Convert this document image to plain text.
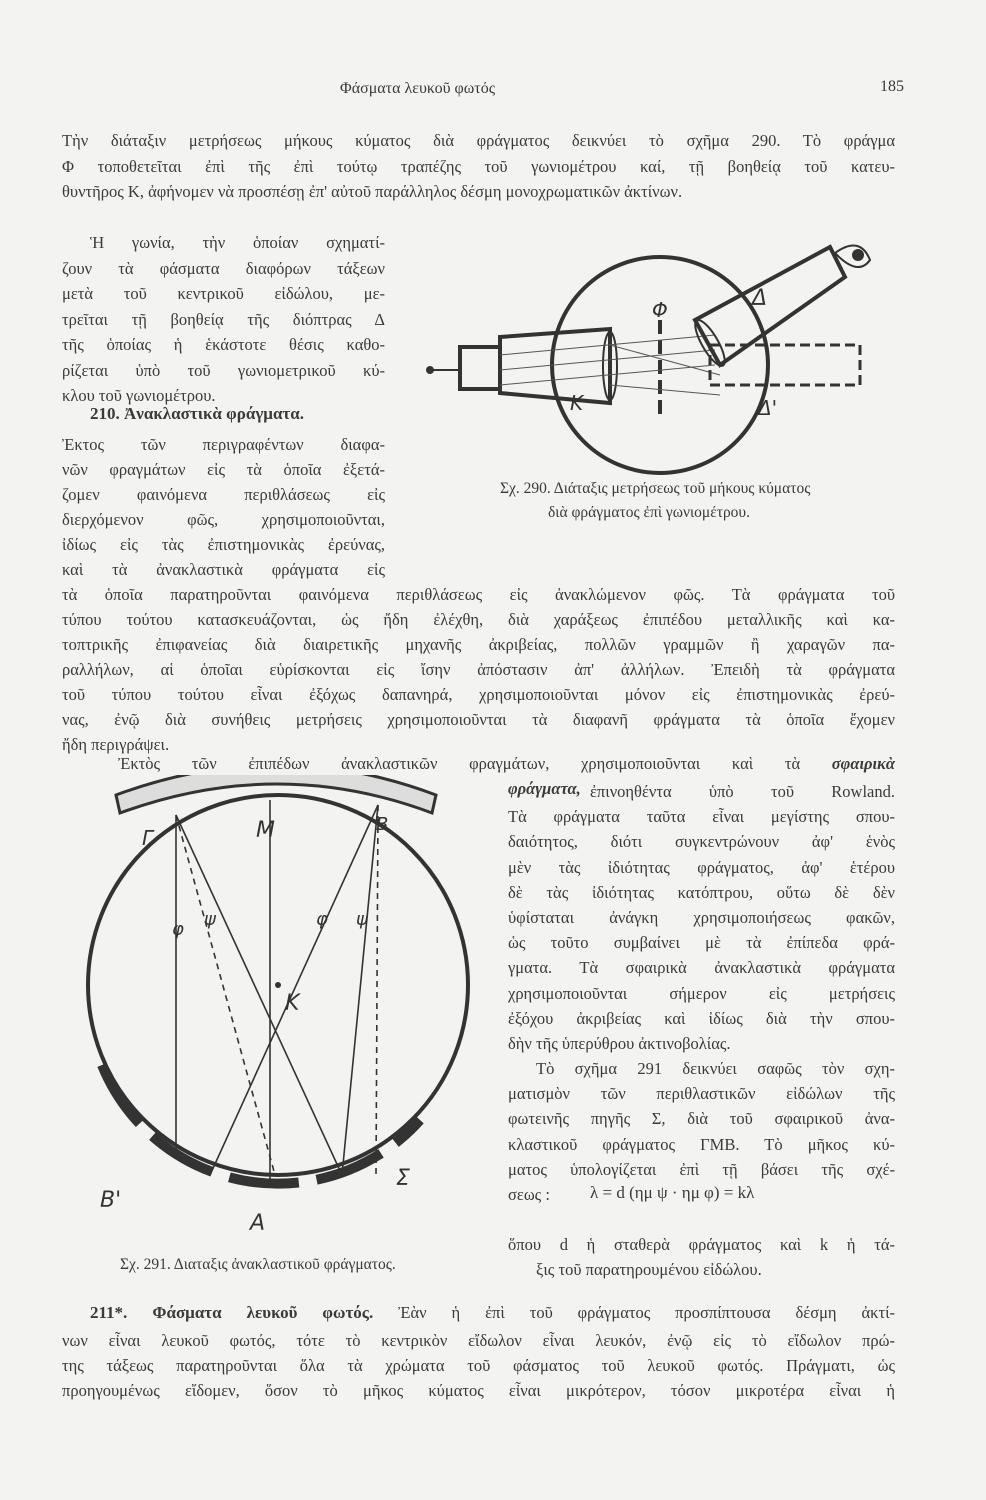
Φάσματα λευκοῦ φωτός	185
Τὴν διάταξιν μετρήσεως μήκους κύματος διὰ φράγματος δεικνύει τὸ σχῆμα 290. Τὸ φράγμα
Φ τοποθετεῖται ἐπὶ τῆς ἐπὶ τούτῳ τραπέζης τοῦ γωνιομέτρου καί, τῇ βοηθείᾳ τοῦ κατευ-
θυντῆρος Κ, ἀφήνομεν νὰ προσπέσῃ ἐπ' αὐτοῦ παράλληλος δέσμη μονοχρωματικῶν ἀκτίνων.
Ἡ γωνία, τὴν ὁποίαν σχηματί-
ζουν τὰ φάσματα διαφόρων τάξεων
μετὰ τοῦ κεντρικοῦ εἰδώλου, με-
τρεῖται τῇ βοηθείᾳ τῆς διόπτρας Δ
τῆς ὁποίας ἡ ἑκάστοτε θέσις καθο-
ρίζεται ὑπὸ τοῦ γωνιομετρικοῦ κύ-
κλου τοῦ γωνιομέτρου.
Ἐκτος τῶν περιγραφέντων διαφα-
νῶν φραγμάτων εἰς τὰ ὁποῖα ἐξετά-
ζομεν φαινόμενα περιθλάσεως εἰς
διερχόμενον φῶς, χρησιμοποιοῦνται,
ἰδίως εἰς τὰς ἐπιστημονικὰς ἐρεύνας,
καὶ τὰ ἀνακλαστικὰ φράγματα εἰς
τὰ ὁποῖα παρατηροῦνται φαινόμενα περιθλάσεως εἰς ἀνακλώμενον φῶς. Τὰ φράγματα τοῦ
τύπου τούτου κατασκευάζονται, ὡς ἤδη ἐλέχθη, διὰ χαράξεως ἐπιπέδου μεταλλικῆς καὶ κα-
τοπτρικῆς ἐπιφανείας διὰ διαιρετικῆς μηχανῆς ἀκριβείας, πολλῶν γραμμῶν ἢ χαραγῶν πα-
ραλλήλων, αἱ ὁποῖαι εὑρίσκονται εἰς ἴσην ἀπόστασιν ἀπ' ἀλλήλων. Ἐπειδὴ τὰ φράγματα
τοῦ τύπου τούτου εἶναι ἐξόχως δαπανηρά, χρησιμοποιοῦνται μόνον εἰς ἐπιστημονικὰς ἐρεύ-
νας, ἐνῷ διὰ συνήθεις μετρήσεις χρησιμοποιοῦνται τὰ διαφανῆ φράγματα τὰ ὁποῖα ἔχομεν
ἤδη περιγράψει.
ἐπινοηθέντα ὑπὸ τοῦ Rowland.
Τὰ φράγματα ταῦτα εἶναι μεγίστης σπου-
δαιότητος, διότι συγκεντρώνουν ἀφ' ἑνὸς
μὲν τὰς ἰδιότητας φράγματος, ἀφ' ἑτέρου
δὲ τὰς ἰδιότητας κατόπτρου, οὕτω δὲ δὲν
ὑφίσταται ἀνάγκη χρησιμοποιήσεως φακῶν,
ὡς τοῦτο συμβαίνει μὲ τὰ ἐπίπεδα φρά-
γματα. Τὰ σφαιρικὰ ἀνακλαστικὰ φράγματα
χρησιμοποιοῦνται σήμερον εἰς μετρήσεις
ἐξόχου ἀκριβείας καὶ ἰδίως διὰ τὴν σπου-
δὴν τῆς ὑπερύθρου ἀκτινοβολίας.
Τὸ σχῆμα 291 δεικνύει σαφῶς τὸν σχη-
ματισμὸν τῶν περιθλαστικῶν εἰδώλων τῆς
φωτεινῆς πηγῆς Σ, διὰ τοῦ σφαιρικοῦ ἀνα-
κλαστικοῦ φράγματος ΓΜΒ. Τὸ μῆκος κύ-
ματος ὑπολογίζεται ἐπὶ τῇ βάσει τῆς σχέ-
σεως :
ὅπου d ἡ σταθερὰ φράγματος καὶ k ἡ τά-
ξις τοῦ παρατηρουμένου εἰδώλου.
νων εἶναι λευκοῦ φωτός, τότε τὸ κεντρικὸν εἴδωλον εἶναι λευκόν, ἐνῷ εἰς τὸ εἴδωλον πρώ-
της τάξεως παρατηροῦνται ὅλα τὰ χρώματα τοῦ φάσματος τοῦ λευκοῦ φωτός. Πράγματι, ὡς
προηγουμένως εἴδομεν, ὅσον τὸ μῆκος κύματος εἶναι μικρότερον, τόσον μικροτέρα εἶναι ἡ
210. Ἀνακλαστικὰ φράγματα.
Ἐκτὸς τῶν ἐπιπέδων ἀνακλαστικῶν φραγμάτων, χρησιμοποιοῦνται καὶ τὰ σφαιρικὰ
φράγματα,
λ = d (ημ ψ · ημ φ) = kλ
211*. Φάσματα λευκοῦ φωτός. Ἐὰν ἡ ἐπὶ τοῦ φράγματος προσπίπτουσα δέσμη ἀκτί-
Δ
Φ
Δ'
Κ
Σχ. 290. Διάταξις μετρήσεως τοῦ μήκους κύματος
διὰ φράγματος ἐπὶ γωνιομέτρου.
Γ	Μ	Β
Κ
Α
Β'
Σ
φ ψ	φ ψ
Σχ. 291. Διαταξις ἀνακλαστικοῦ φράγματος.
